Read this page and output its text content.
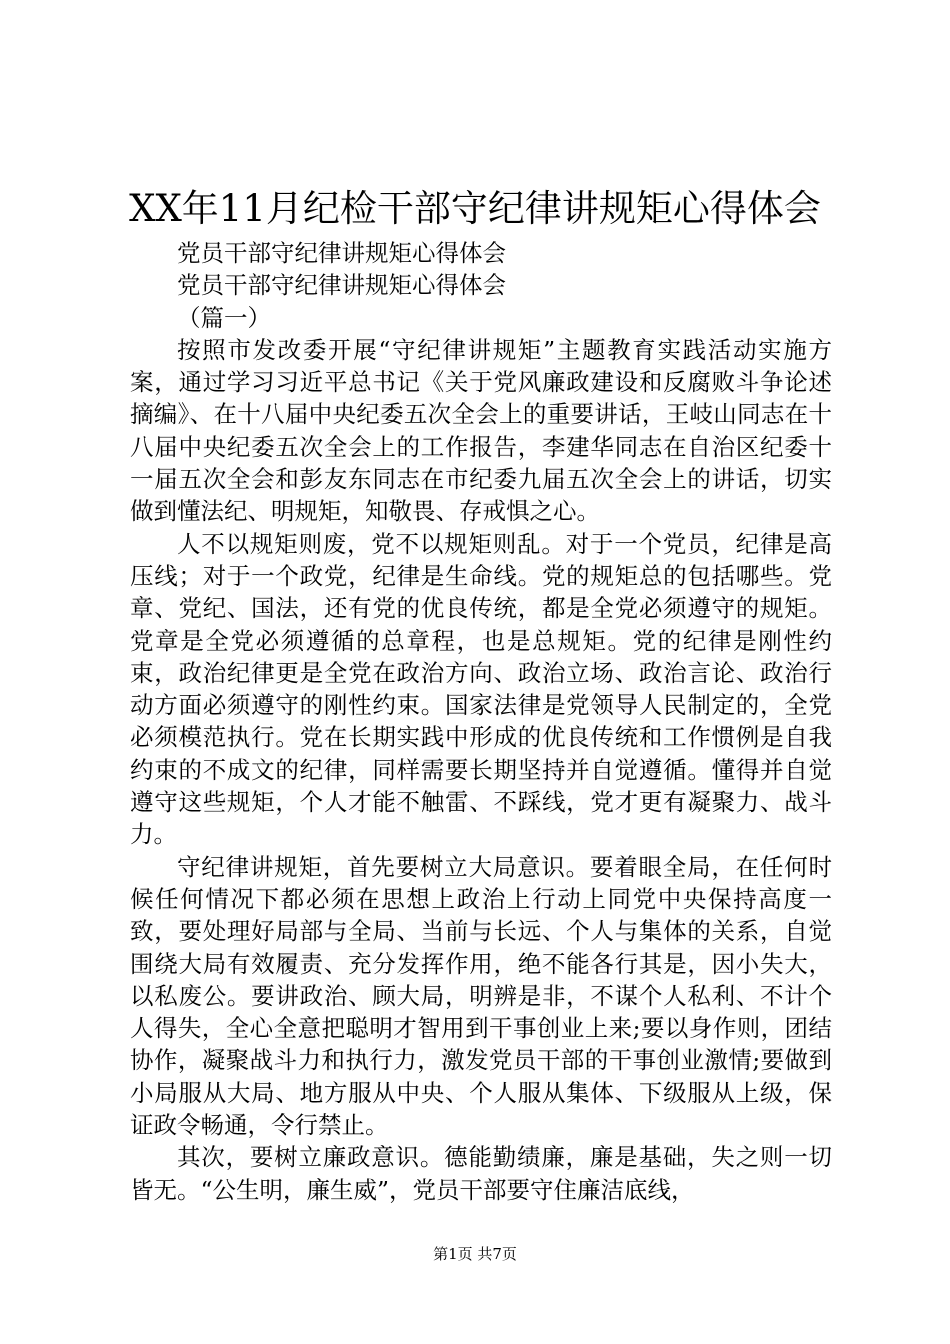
XX年11月纪检干部守纪律讲规矩心得体会

党员干部守纪律讲规矩心得体会

党员干部守纪律讲规矩心得体会

（篇一）

按照市发改委开展“守纪律讲规矩”主题教育实践活动实施方案，通过学习习近平总书记《关于党风廉政建设和反腐败斗争论述摘编》、在十八届中央纪委五次全会上的重要讲话，王岐山同志在十八届中央纪委五次全会上的工作报告，李建华同志在自治区纪委十一届五次全会和彭友东同志在市纪委九届五次全会上的讲话，切实做到懂法纪、明规矩，知敬畏、存戒惧之心。

人不以规矩则废，党不以规矩则乱。对于一个党员，纪律是高压线；对于一个政党，纪律是生命线。党的规矩总的包括哪些。党章、党纪、国法，还有党的优良传统，都是全党必须遵守的规矩。党章是全党必须遵循的总章程，也是总规矩。党的纪律是刚性约束，政治纪律更是全党在政治方向、政治立场、政治言论、政治行动方面必须遵守的刚性约束。国家法律是党领导人民制定的，全党必须模范执行。党在长期实践中形成的优良传统和工作惯例是自我约束的不成文的纪律，同样需要长期坚持并自觉遵循。懂得并自觉遵守这些规矩，个人才能不触雷、不踩线，党才更有凝聚力、战斗力。

守纪律讲规矩，首先要树立大局意识。要着眼全局，在任何时候任何情况下都必须在思想上政治上行动上同党中央保持高度一致，要处理好局部与全局、当前与长远、个人与集体的关系，自觉围绕大局有效履责、充分发挥作用，绝不能各行其是，因小失大，以私废公。要讲政治、顾大局，明辨是非，不谋个人私利、不计个人得失，全心全意把聪明才智用到干事创业上来;要以身作则，团结协作，凝聚战斗力和执行力，激发党员干部的干事创业激情;要做到小局服从大局、地方服从中央、个人服从集体、下级服从上级，保证政令畅通，令行禁止。

其次，要树立廉政意识。德能勤绩廉，廉是基础，失之则一切皆无。“公生明，廉生威”，党员干部要守住廉洁底线，

第1页 共7页
